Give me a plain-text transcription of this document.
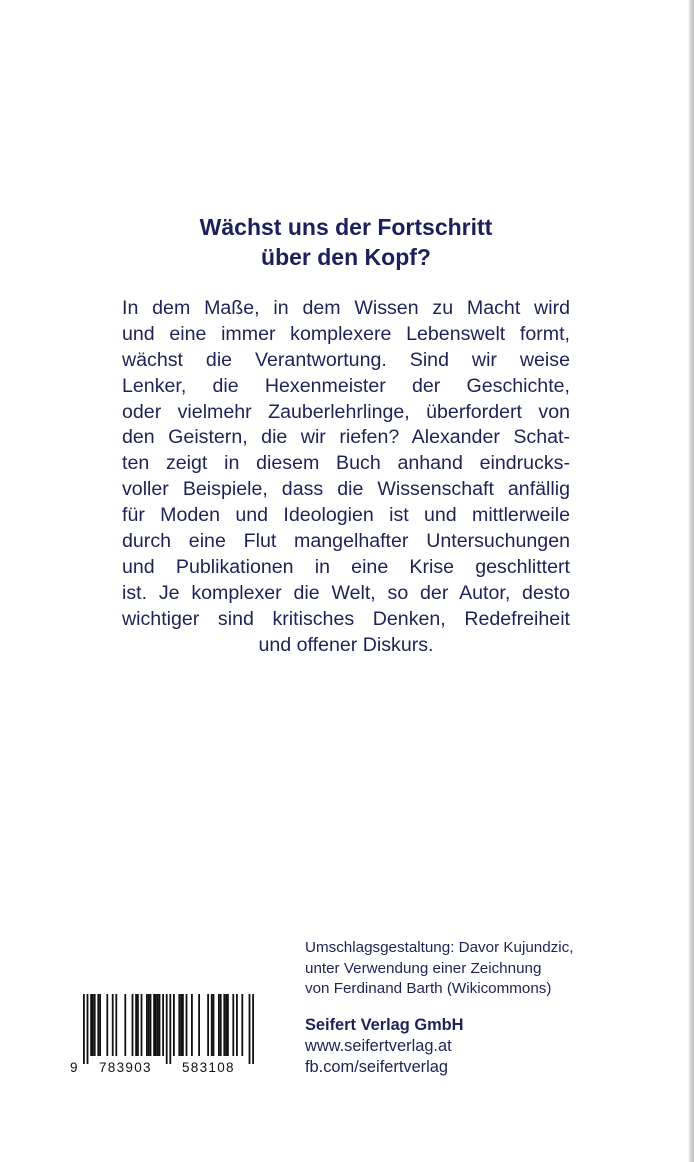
Wächst uns der Fortschritt
über den Kopf?

In dem Maße, in dem Wissen zu Macht wird
und eine immer komplexere Lebenswelt formt,
wächst die Verantwortung. Sind wir weise
Lenker, die Hexenmeister der Geschichte,
oder vielmehr Zauberlehrlinge, überfordert von
den Geistern, die wir riefen? Alexander Schat-
ten zeigt in diesem Buch anhand eindrucks-
voller Beispiele, dass die Wissenschaft anfällig
für Moden und Ideologien ist und mittlerweile
durch eine Flut mangelhafter Untersuchungen
und Publikationen in eine Krise geschlittert
ist. Je komplexer die Welt, so der Autor, desto
wichtiger sind kritisches Denken, Redefreiheit
und offener Diskurs.

9 783903 583108
Umschlagsgestaltung: Davor Kujundzic,
unter Verwendung einer Zeichnung
von Ferdinand Barth (Wikicommons)
Seifert Verlag GmbH
www.seifertverlag.at
fb.com/seifertverlag
